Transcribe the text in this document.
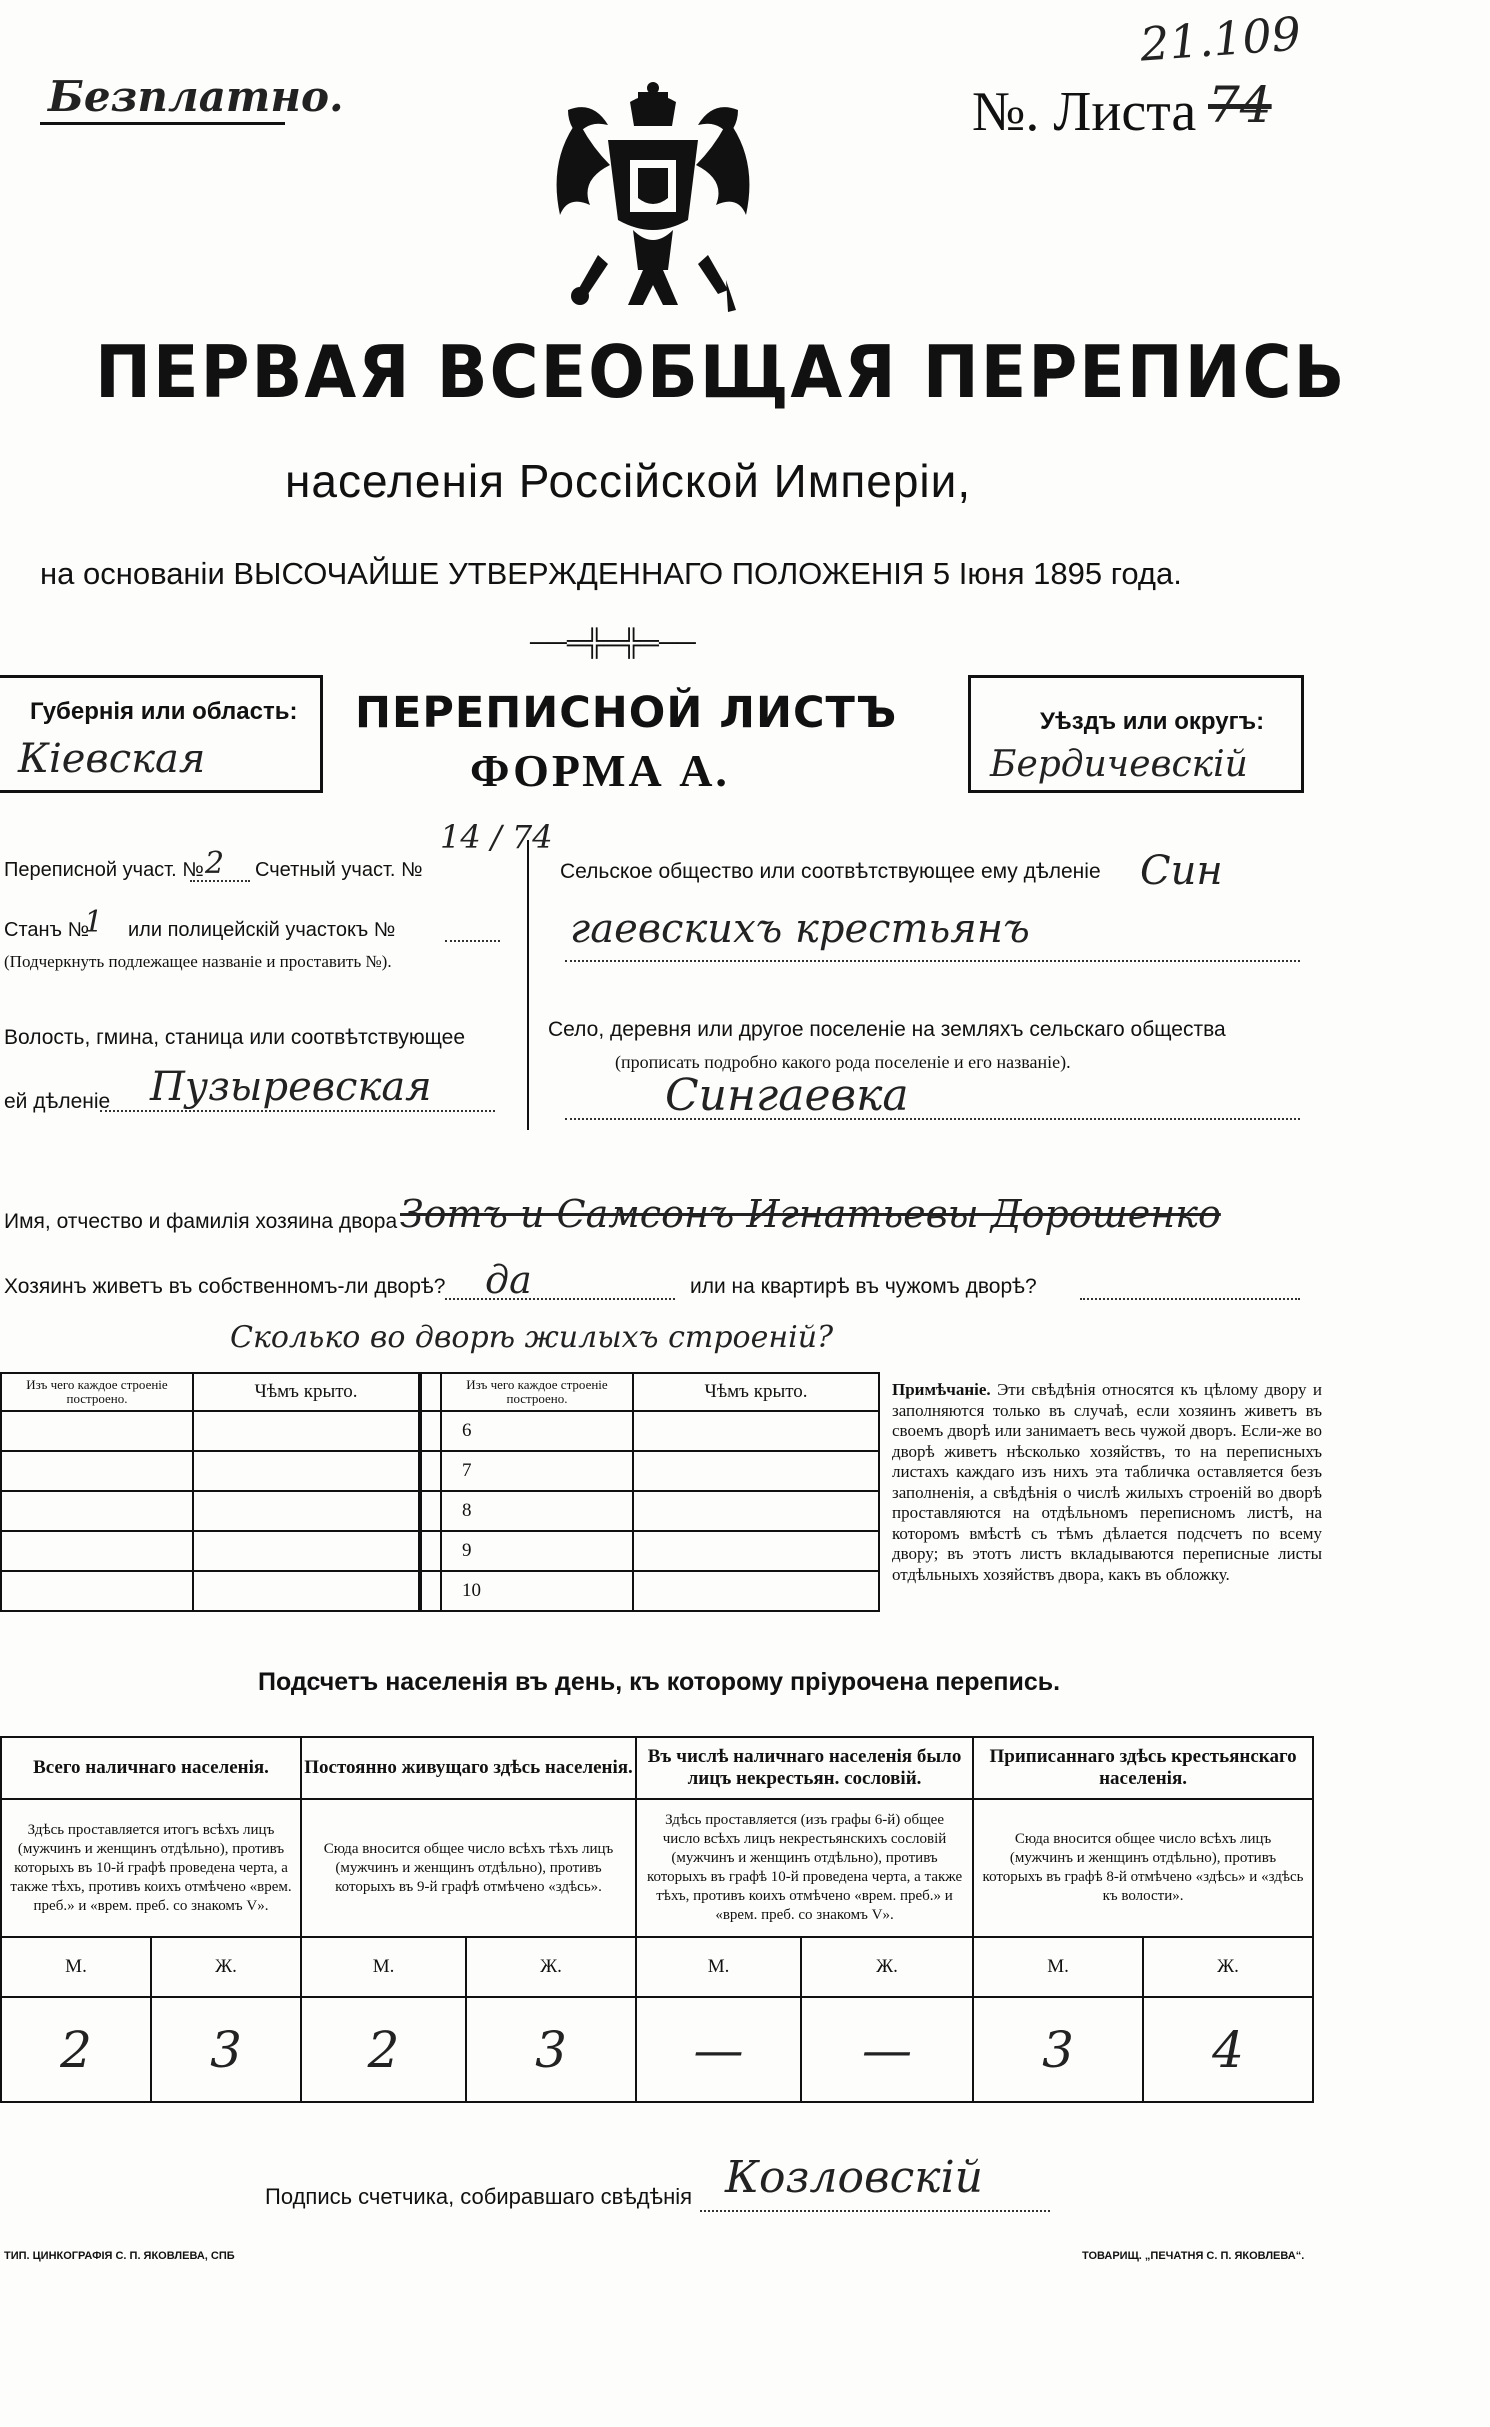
Безплатно.
21.109
№. Листа 74
ПЕРВАЯ ВСЕОБЩАЯ ПЕРЕПИСЬ
населенія Россійской Имперіи,
на основаніи ВЫСОЧАЙШЕ УТВЕРЖДЕННАГО ПОЛОЖЕНІЯ 5 Іюня 1895 года.
──═╬═╬═──
Губернія или область:
Кіевская
ПЕРЕПИСНОЙ ЛИСТЪ
ФОРМА А.
Уѣздъ или округъ:
Бердичевскій
Переписной участ. № 2 Счетный участ. №
14 / 74
Станъ №
1 или полицейскій участокъ №
(Подчеркнуть подлежащее названіе и проставить №).
Волость, гмина, станица или соотвѣтствующее
ей дѣленіе Пузыревская
Сельское общество или соотвѣтствующее ему дѣленіе Син
гаевскихъ крестьянъ
Село, деревня или другое поселеніе на земляхъ сельскаго общества
(прописать подробно какого рода поселеніе и его названіе).
Сингаевка
Имя, отчество и фамилія хозяина двора Зотъ и Самсонъ Игнатьевы Дорошенко
Хозяинъ живетъ въ собственномъ-ли дворѣ? да	или на квартирѣ въ чужомъ дворѣ?
Сколько во дворѣ жилыхъ строеній?
Изъ чего каждое строеніе построено.	Чѣмъ крыто.

		Изъ чего каждое строеніе построено.	Чѣмъ крыто.
	6	
	7	
	8	
	9	
	10	
Примѣчаніе. Эти свѣдѣнія относятся къ цѣлому двору и заполняются только въ случаѣ, если хозяинъ живетъ въ своемъ дворѣ или занимаетъ весь чужой дворъ. Если-же во дворѣ живетъ нѣсколько хозяйствъ, то на переписныхъ листахъ каждаго изъ нихъ эта табличка оставляется безъ заполненія, а свѣдѣнія о числѣ жилыхъ строеній во дворѣ проставляются на отдѣльномъ переписномъ листѣ, на которомъ вмѣстѣ съ тѣмъ дѣлается подсчетъ по всему двору; въ этотъ листъ вкладываются переписные листы отдѣльныхъ хозяйствъ двора, какъ въ обложку.
Подсчетъ населенія въ день, къ которому пріурочена перепись.
Всего наличнаго населенія.		Постоянно живущаго здѣсь населенія.		Въ числѣ наличнаго населенія было лицъ некрестьян. сословій.		Приписаннаго здѣсь крестьянскаго населенія.	
Здѣсь проставляется итогъ всѣхъ лицъ (мужчинъ и женщинъ отдѣльно), противъ которыхъ въ 10-й графѣ проведена черта, а также тѣхъ, противъ коихъ отмѣчено «врем. преб.» и «врем. преб. со знакомъ V».		Сюда вносится общее число всѣхъ тѣхъ лицъ (мужчинъ и женщинъ отдѣльно), противъ которыхъ въ 9-й графѣ отмѣчено «здѣсь».		Здѣсь проставляется (изъ графы 6-й) общее число всѣхъ лицъ некрестьянскихъ сословій (мужчинъ и женщинъ отдѣльно), противъ которыхъ въ графѣ 10-й проведена черта, а также тѣхъ, противъ коихъ отмѣчено «врем. преб.» и «врем. преб. со знакомъ V».		Сюда вносится общее число всѣхъ лицъ (мужчинъ и женщинъ отдѣльно), противъ которыхъ въ графѣ 8-й отмѣчено «здѣсь» и «здѣсь къ волости».	
М.	Ж.	М.	Ж.	М.	Ж.	М.	Ж.
2	3	2	3	—	—	3	4
Подпись счетчика, собиравшаго свѣдѣнія Козловскій
ТИП. ЦИНКОГРАФІЯ С. П. ЯКОВЛЕВА, СПБ	ТОВАРИЩ. „ПЕЧАТНЯ С. П. ЯКОВЛЕВА“.
